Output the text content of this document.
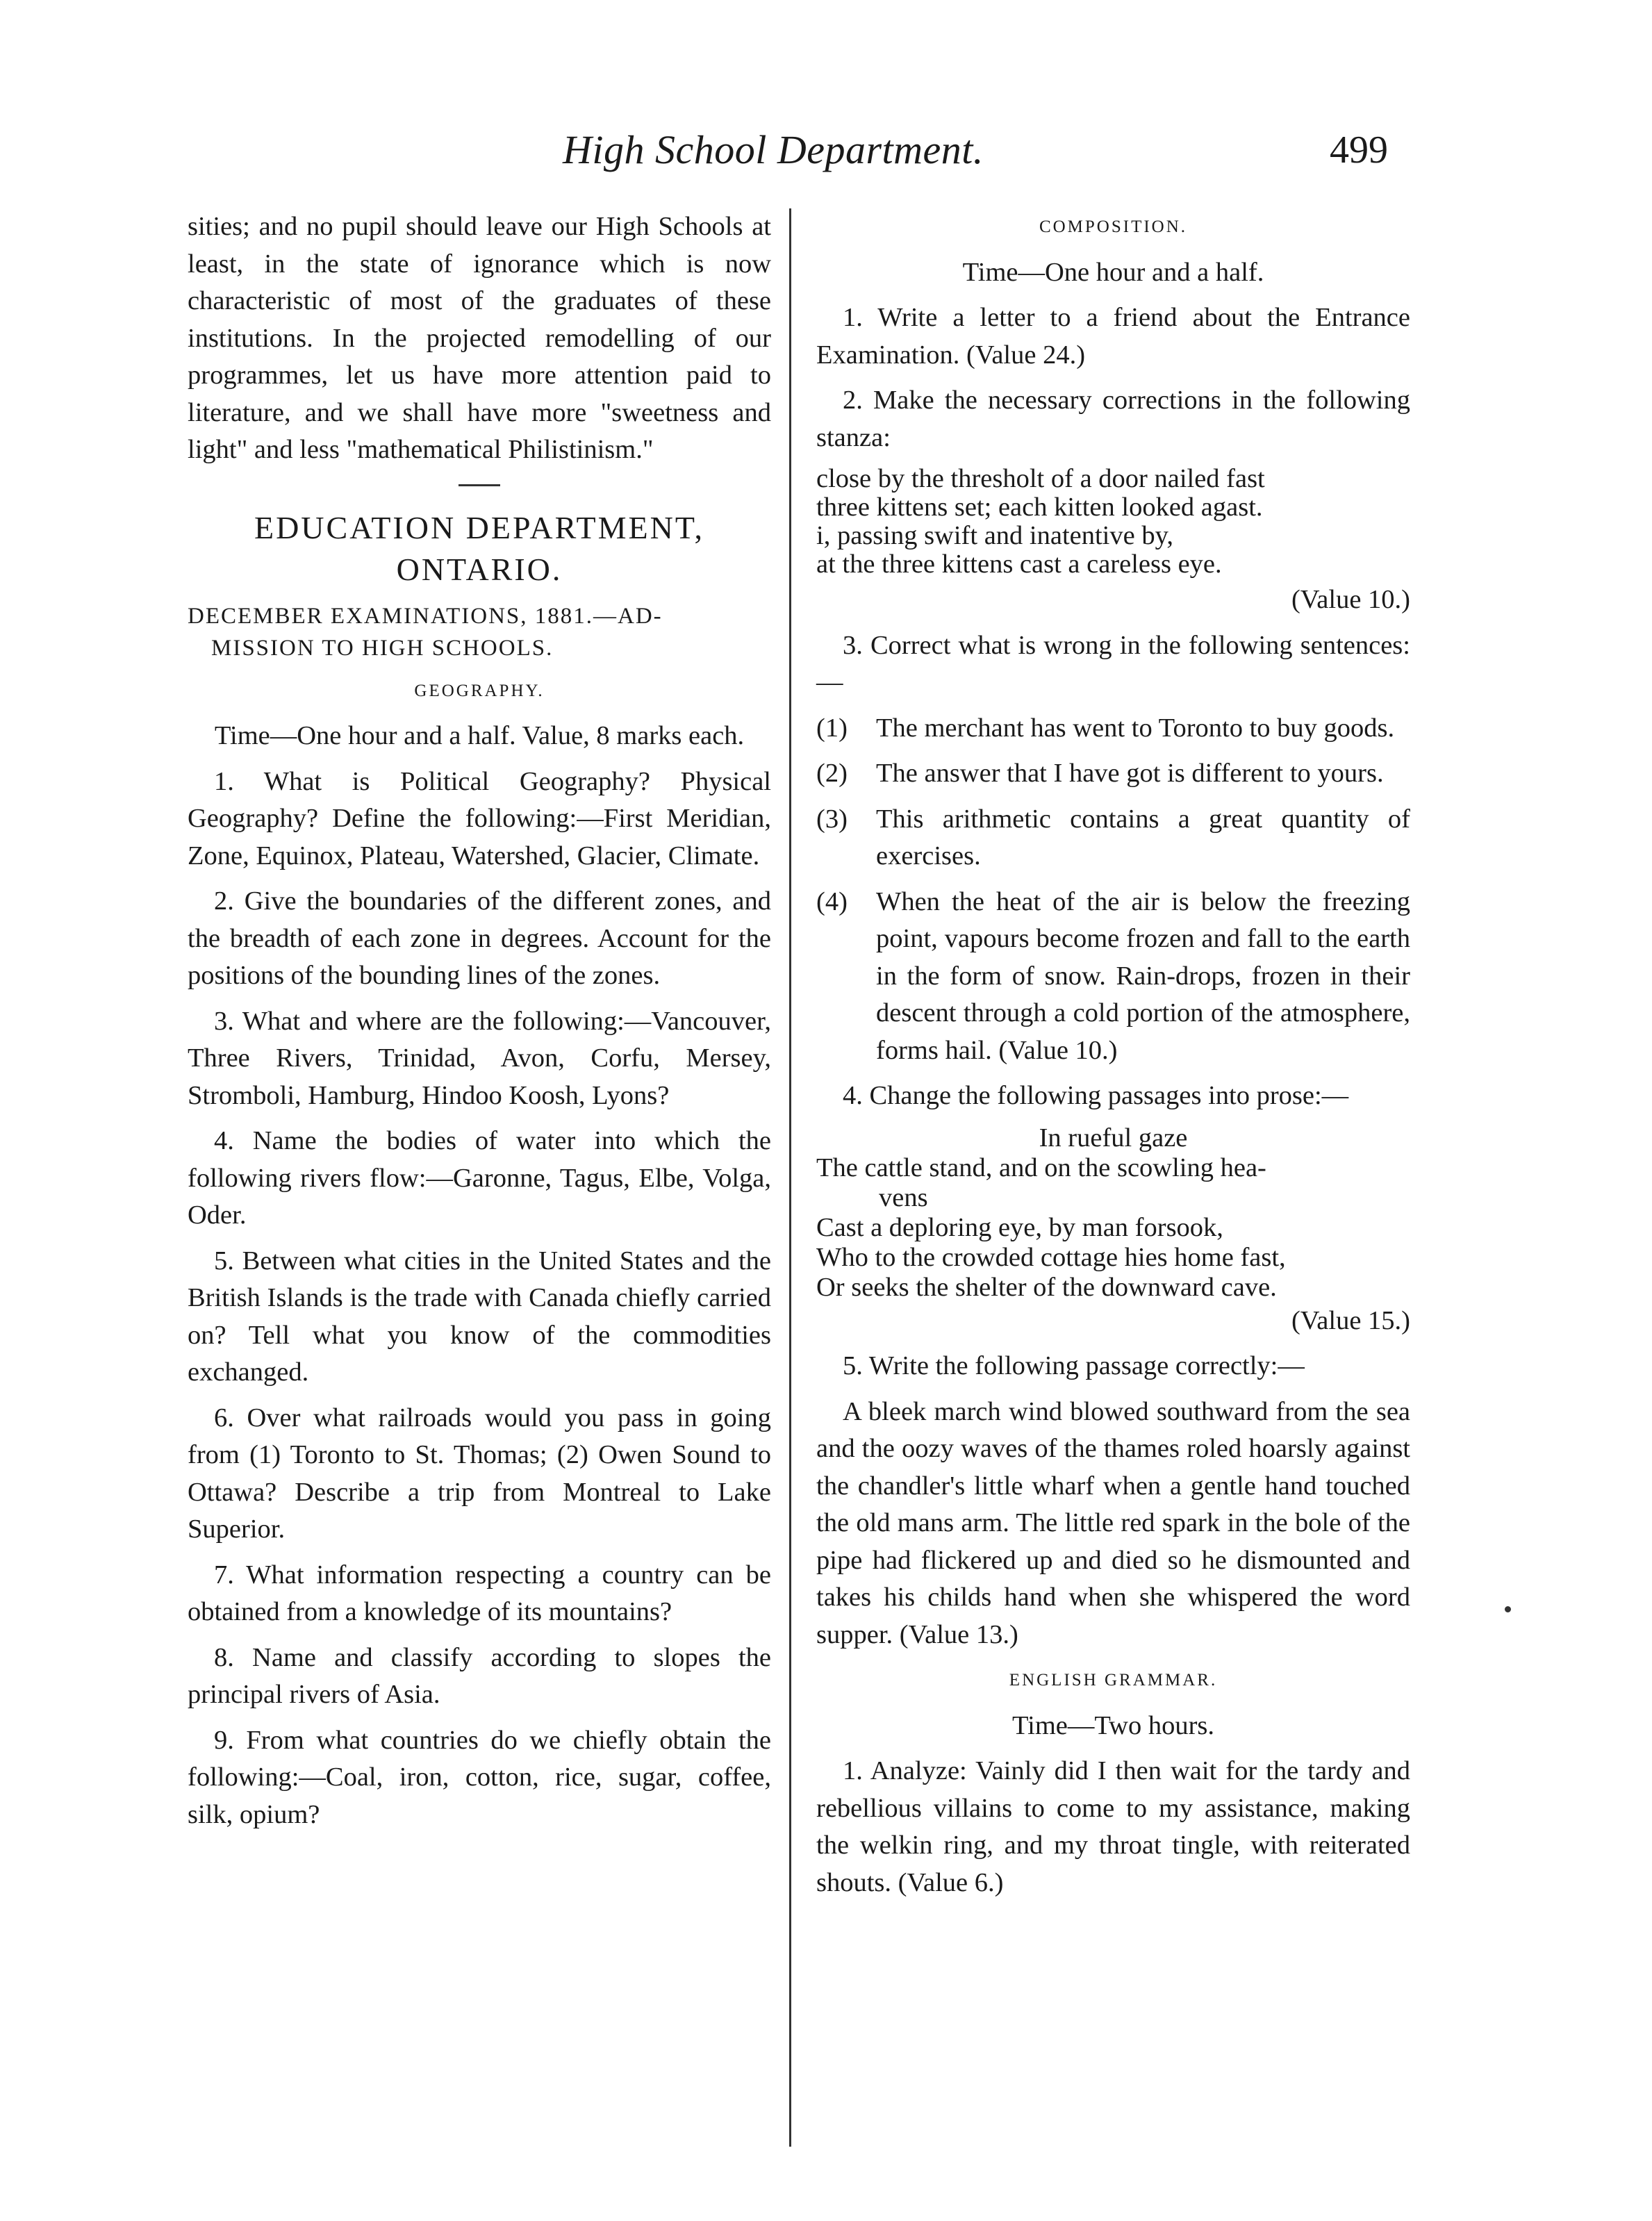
High School Department.	499

sities; and no pupil should leave our High Schools at least, in the state of ignorance which is now characteristic of most of the graduates of these institutions. In the projected remodelling of our programmes, let us have more attention paid to literature, and we shall have more "sweetness and light" and less "mathematical Philistinism."

EDUCATION DEPARTMENT,
ONTARIO.
DECEMBER EXAMINATIONS, 1881.—AD-
MISSION TO HIGH SCHOOLS.
GEOGRAPHY.

Time—One hour and a half. Value, 8 marks each.

1. What is Political Geography? Physical Geography? Define the following:—First Meridian, Zone, Equinox, Plateau, Watershed, Glacier, Climate.

2. Give the boundaries of the different zones, and the breadth of each zone in degrees. Account for the positions of the bounding lines of the zones.

3. What and where are the following:—Vancouver, Three Rivers, Trinidad, Avon, Corfu, Mersey, Stromboli, Hamburg, Hindoo Koosh, Lyons?

4. Name the bodies of water into which the following rivers flow:—Garonne, Tagus, Elbe, Volga, Oder.

5. Between what cities in the United States and the British Islands is the trade with Canada chiefly carried on? Tell what you know of the commodities exchanged.

6. Over what railroads would you pass in going from (1) Toronto to St. Thomas; (2) Owen Sound to Ottawa? Describe a trip from Montreal to Lake Superior.

7. What information respecting a country can be obtained from a knowledge of its mountains?

8. Name and classify according to slopes the principal rivers of Asia.

9. From what countries do we chiefly obtain the following:—Coal, iron, cotton, rice, sugar, coffee, silk, opium?

COMPOSITION.

Time—One hour and a half.

1. Write a letter to a friend about the Entrance Examination. (Value 24.)

2. Make the necessary corrections in the following stanza:

close by the thresholt of a door nailed fast
three kittens set; each kitten looked agast.
i, passing swift and inatentive by,
at the three kittens cast a careless eye.

(Value 10.)

3. Correct what is wrong in the following sentences:—

(1) The merchant has went to Toronto to buy goods.
(2) The answer that I have got is different to yours.
(3) This arithmetic contains a great quantity of exercises.
(4) When the heat of the air is below the freezing point, vapours become frozen and fall to the earth in the form of snow. Rain-drops, frozen in their descent through a cold portion of the atmosphere, forms hail. (Value 10.)

4. Change the following passages into prose:—

In rueful gaze
The cattle stand, and on the scowling hea-
vens
Cast a deploring eye, by man forsook,
Who to the crowded cottage hies home fast,
Or seeks the shelter of the downward cave.

(Value 15.)

5. Write the following passage correctly:—

A bleek march wind blowed southward from the sea and the oozy waves of the thames roled hoarsly against the chandler's little wharf when a gentle hand touched the old mans arm. The little red spark in the bole of the pipe had flickered up and died so he dismounted and takes his childs hand when she whispered the word supper. (Value 13.)

ENGLISH GRAMMAR.

Time—Two hours.

1. Analyze: Vainly did I then wait for the tardy and rebellious villains to come to my assistance, making the welkin ring, and my throat tingle, with reiterated shouts. (Value 6.)
